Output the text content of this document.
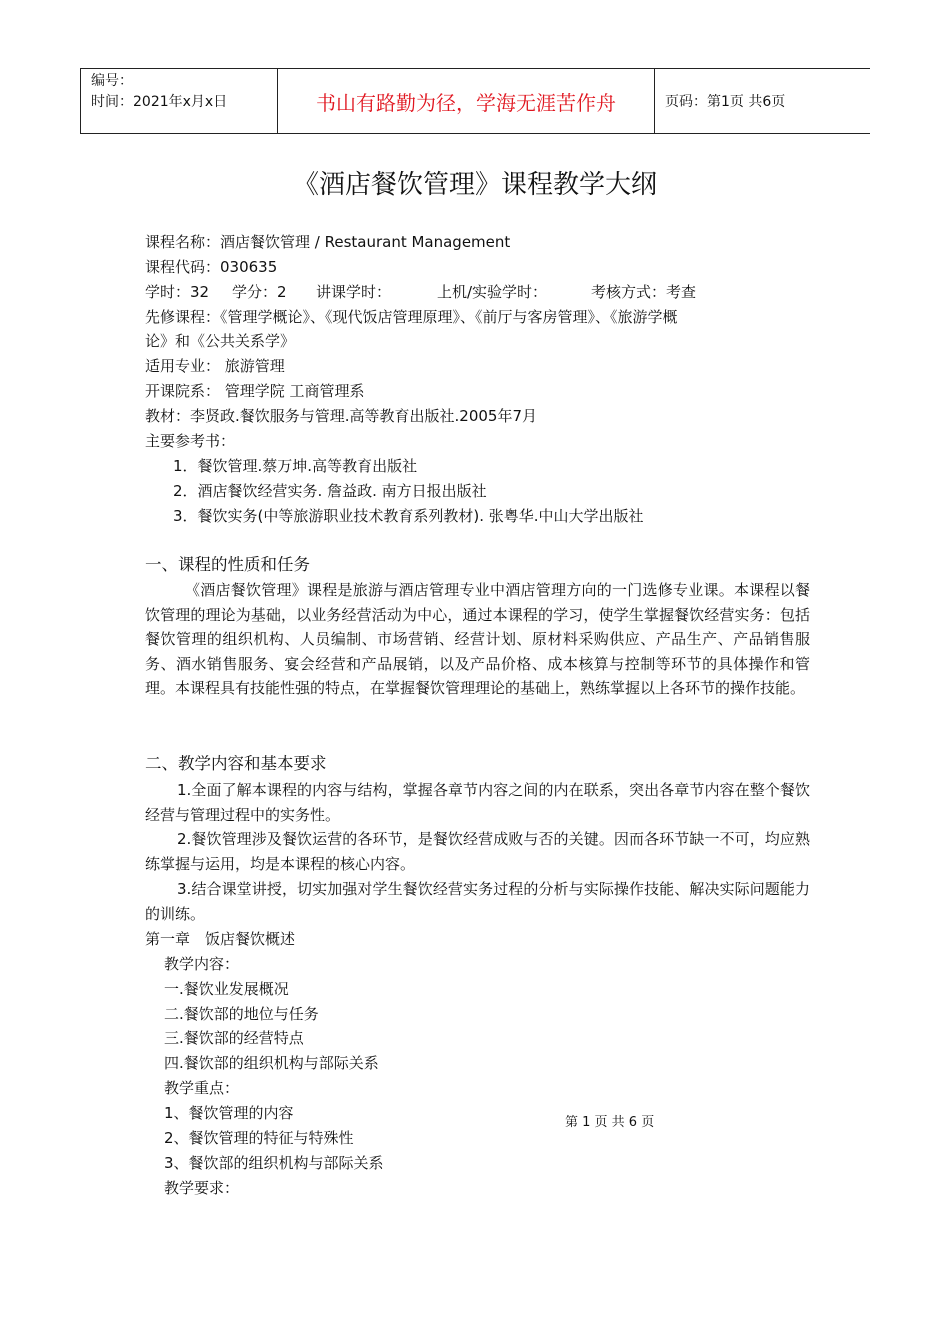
编号：
时间：2021年x月x日	书山有路勤为径，学海无涯苦作舟	页码：第1页 共6页
《酒店餐饮管理》课程教学大纲
课程名称：酒店餐饮管理 / Restaurant Management
课程代码：030635
学时：32 学分：2 讲课学时：	上机/实验学时：	考核方式：考查
先修课程：《管理学概论》、《现代饭店管理原理》、《前厅与客房管理》、《旅游学概
论》和《公共关系学》
适用专业： 旅游管理
开课院系： 管理学院 工商管理系
教材：李贤政.餐饮服务与管理.高等教育出版社.2005年7月
主要参考书：
1．餐饮管理.蔡万坤.高等教育出版社
2．酒店餐饮经营实务. 詹益政. 南方日报出版社
3．餐饮实务(中等旅游职业技术教育系列教材). 张粤华.中山大学出版社
一、课程的性质和任务

《酒店餐饮管理》课程是旅游与酒店管理专业中酒店管理方向的一门选修专业课。本课程以餐饮管理的理论为基础，以业务经营活动为中心，通过本课程的学习，使学生掌握餐饮经营实务：包括餐饮管理的组织机构、人员编制、市场营销、经营计划、原材料采购供应、产品生产、产品销售服务、酒水销售服务、宴会经营和产品展销，以及产品价格、成本核算与控制等环节的具体操作和管理。本课程具有技能性强的特点，在掌握餐饮管理理论的基础上，熟练掌握以上各环节的操作技能。

二、教学内容和基本要求

1.全面了解本课程的内容与结构，掌握各章节内容之间的内在联系，突出各章节内容在整个餐饮经营与管理过程中的实务性。

2.餐饮管理涉及餐饮运营的各环节，是餐饮经营成败与否的关键。因而各环节缺一不可，均应熟练掌握与运用，均是本课程的核心内容。

3.结合课堂讲授，切实加强对学生餐饮经营实务过程的分析与实际操作技能、解决实际问题能力的训练。

第一章　饭店餐饮概述
教学内容：
一.餐饮业发展概况
二.餐饮部的地位与任务
三.餐饮部的经营特点
四.餐饮部的组织机构与部际关系
教学重点：
1、餐饮管理的内容
2、餐饮管理的特征与特殊性
3、餐饮部的组织机构与部际关系
教学要求：
第 1 页 共 6 页
